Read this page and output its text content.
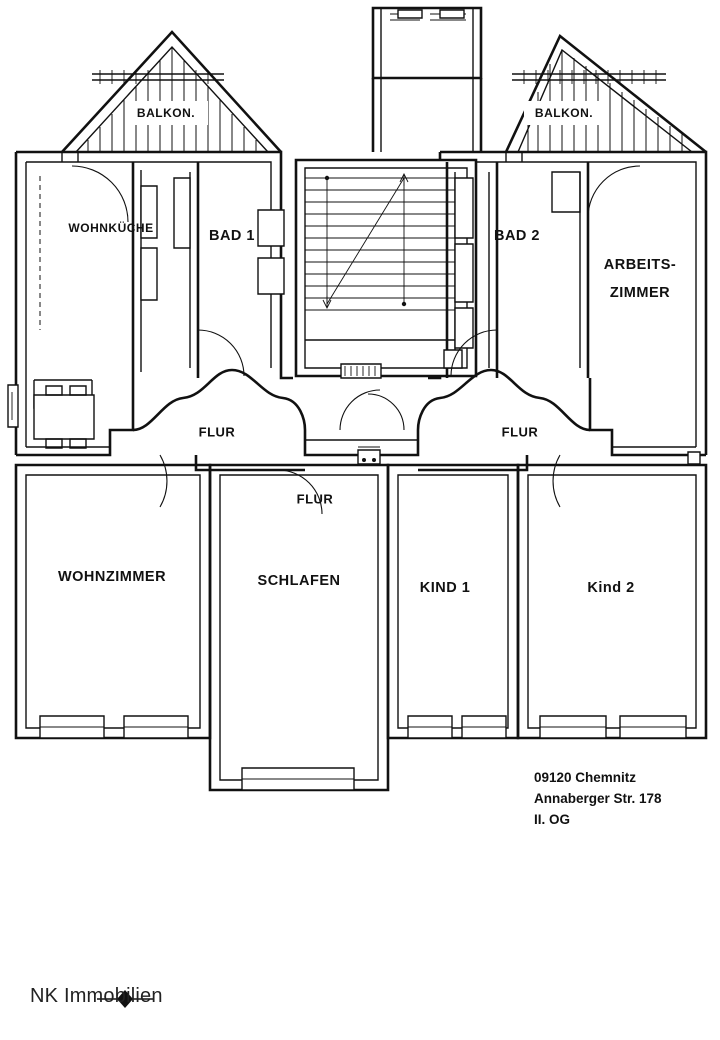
BALKON.	BALKON.
WOHNKÜCHE	BAD 1	BAD 2
ARBEITS-
ZIMMER
FLUR	FLUR
FLUR
WOHNZIMMER	SCHLAFEN	KIND 1	Kind 2
09120 Chemnitz
Annaberger Str. 178
II. OG
NK Immobilien
